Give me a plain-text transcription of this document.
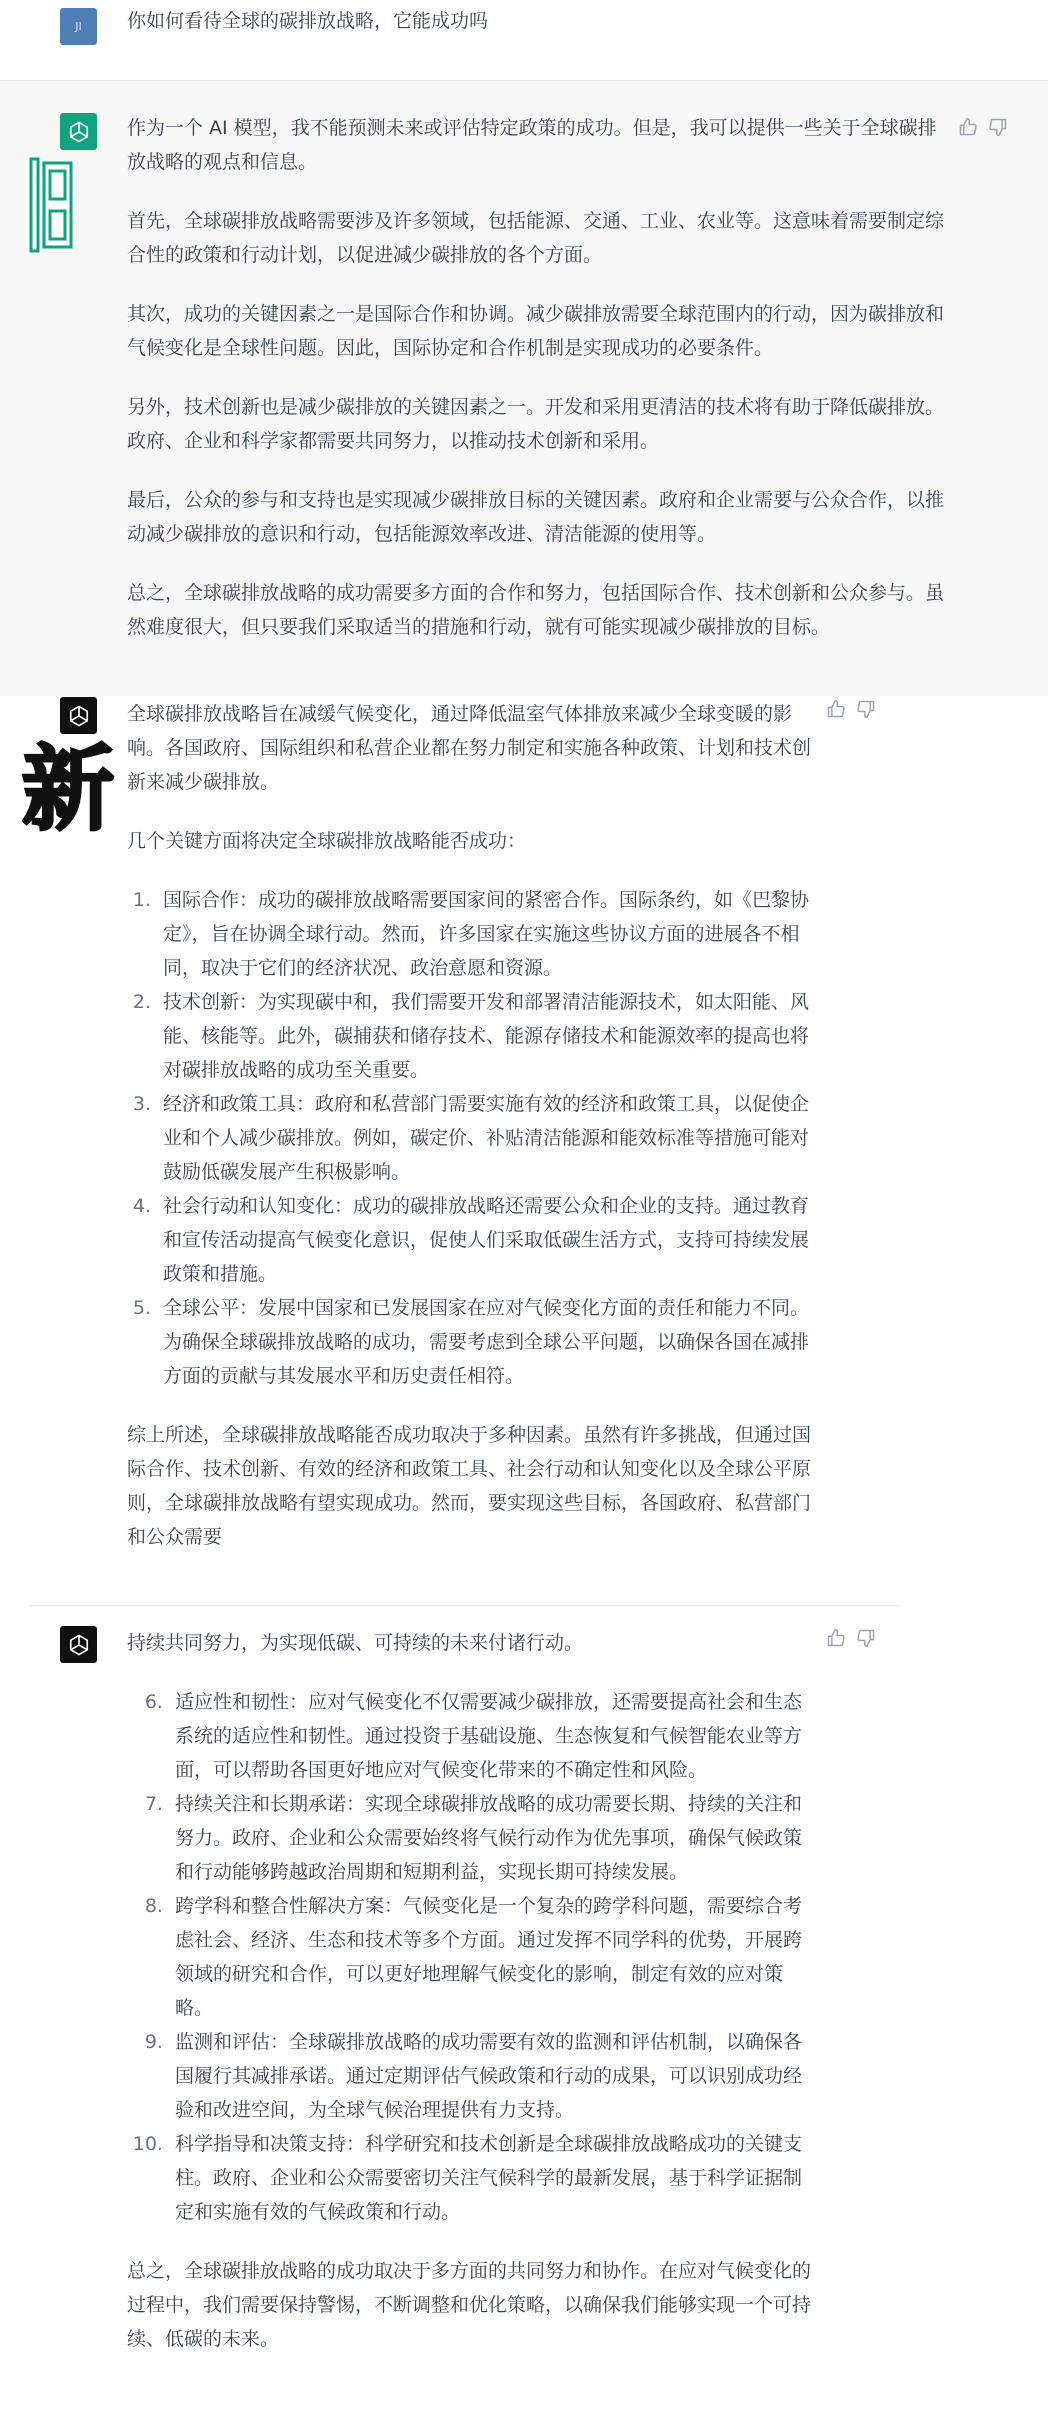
JI	你如何看待全球的碳排放战略，它能成功吗

作为一个 AI 模型，我不能预测未来或评估特定政策的成功。但是，我可以提供一些关于全球碳排放战略的观点和信息。

首先，全球碳排放战略需要涉及许多领域，包括能源、交通、工业、农业等。这意味着需要制定综合性的政策和行动计划，以促进减少碳排放的各个方面。

其次，成功的关键因素之一是国际合作和协调。减少碳排放需要全球范围内的行动，因为碳排放和气候变化是全球性问题。因此，国际协定和合作机制是实现成功的必要条件。

另外，技术创新也是减少碳排放的关键因素之一。开发和采用更清洁的技术将有助于降低碳排放。政府、企业和科学家都需要共同努力，以推动技术创新和采用。

最后，公众的参与和支持也是实现减少碳排放目标的关键因素。政府和企业需要与公众合作，以推动减少碳排放的意识和行动，包括能源效率改进、清洁能源的使用等。

总之，全球碳排放战略的成功需要多方面的合作和努力，包括国际合作、技术创新和公众参与。虽然难度很大，但只要我们采取适当的措施和行动，就有可能实现减少碳排放的目标。

全球碳排放战略旨在减缓气候变化，通过降低温室气体排放来减少全球变暖的影响。各国政府、国际组织和私营企业都在努力制定和实施各种政策、计划和技术创新来减少碳排放。

几个关键方面将决定全球碳排放战略能否成功：

1. 国际合作：成功的碳排放战略需要国家间的紧密合作。国际条约，如《巴黎协定》，旨在协调全球行动。然而，许多国家在实施这些协议方面的进展各不相同，取决于它们的经济状况、政治意愿和资源。
2. 技术创新：为实现碳中和，我们需要开发和部署清洁能源技术，如太阳能、风能、核能等。此外，碳捕获和储存技术、能源存储技术和能源效率的提高也将对碳排放战略的成功至关重要。
3. 经济和政策工具：政府和私营部门需要实施有效的经济和政策工具，以促使企业和个人减少碳排放。例如，碳定价、补贴清洁能源和能效标准等措施可能对鼓励低碳发展产生积极影响。
4. 社会行动和认知变化：成功的碳排放战略还需要公众和企业的支持。通过教育和宣传活动提高气候变化意识，促使人们采取低碳生活方式，支持可持续发展政策和措施。
5. 全球公平：发展中国家和已发展国家在应对气候变化方面的责任和能力不同。为确保全球碳排放战略的成功，需要考虑到全球公平问题，以确保各国在减排方面的贡献与其发展水平和历史责任相符。

综上所述，全球碳排放战略能否成功取决于多种因素。虽然有许多挑战，但通过国际合作、技术创新、有效的经济和政策工具、社会行动和认知变化以及全球公平原则，全球碳排放战略有望实现成功。然而，要实现这些目标，各国政府、私营部门和公众需要

新

持续共同努力，为实现低碳、可持续的未来付诸行动。

6. 适应性和韧性：应对气候变化不仅需要减少碳排放，还需要提高社会和生态系统的适应性和韧性。通过投资于基础设施、生态恢复和气候智能农业等方面，可以帮助各国更好地应对气候变化带来的不确定性和风险。
7. 持续关注和长期承诺：实现全球碳排放战略的成功需要长期、持续的关注和努力。政府、企业和公众需要始终将气候行动作为优先事项，确保气候政策和行动能够跨越政治周期和短期利益，实现长期可持续发展。
8. 跨学科和整合性解决方案：气候变化是一个复杂的跨学科问题，需要综合考虑社会、经济、生态和技术等多个方面。通过发挥不同学科的优势，开展跨领域的研究和合作，可以更好地理解气候变化的影响，制定有效的应对策略。
9. 监测和评估：全球碳排放战略的成功需要有效的监测和评估机制，以确保各国履行其减排承诺。通过定期评估气候政策和行动的成果，可以识别成功经验和改进空间，为全球气候治理提供有力支持。
10. 科学指导和决策支持：科学研究和技术创新是全球碳排放战略成功的关键支柱。政府、企业和公众需要密切关注气候科学的最新发展，基于科学证据制定和实施有效的气候政策和行动。

总之，全球碳排放战略的成功取决于多方面的共同努力和协作。在应对气候变化的过程中，我们需要保持警惕，不断调整和优化策略，以确保我们能够实现一个可持续、低碳的未来。
